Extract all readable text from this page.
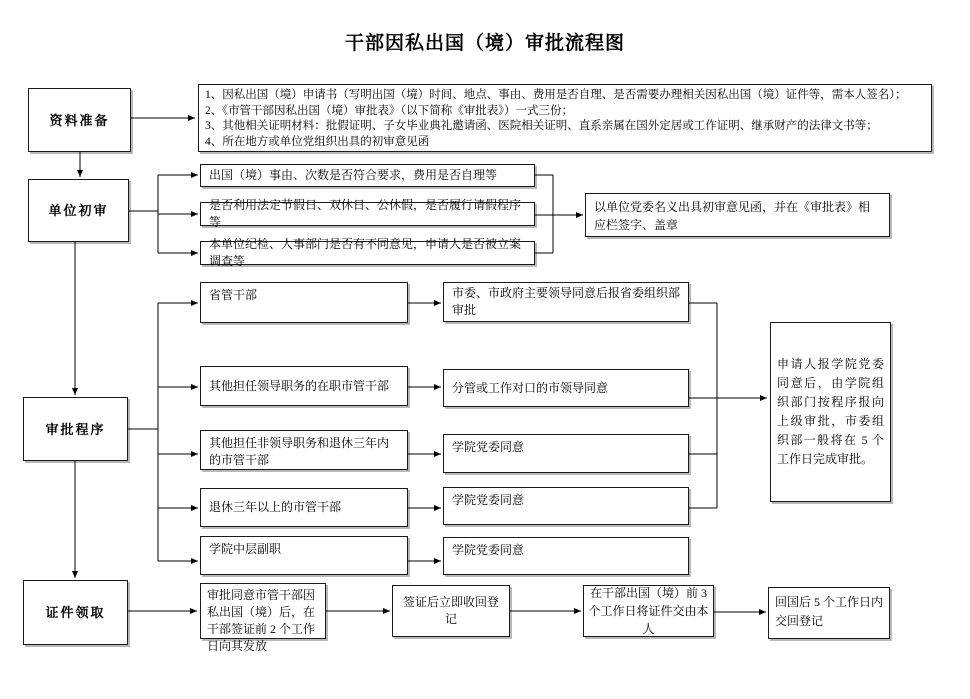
干部因私出国（境）审批流程图
资料准备
单位初审
审批程序
证件领取
1、因私出国（境）申请书（写明出国（境）时间、地点、事由、费用是否自理、是否需要办理相关因私出国（境）证件等，需本人签名）；
2、《市管干部因私出国（境）审批表》（以下简称《审批表》）一式三份；
3、其他相关证明材料：批假证明、子女毕业典礼邀请函、医院相关证明、直系亲属在国外定居或工作证明、继承财产的法律文书等；
4、所在地方或单位党组织出具的初审意见函
出国（境）事由、次数是否符合要求，费用是否自理等
是否利用法定节假日、双休日、公休假，是否履行请假程序等
本单位纪检、人事部门是否有不同意见，申请人是否被立案调查等
以单位党委名义出具初审意见函，并在《审批表》相应栏签字、盖章
省管干部
其他担任领导职务的在职市管干部
其他担任非领导职务和退休三年内的市管干部
退休三年以上的市管干部
学院中层副职
市委、市政府主要领导同意后报省委组织部审批
分管或工作对口的市领导同意
学院党委同意
学院党委同意
学院党委同意
申请人报学院党委同意后，由学院组织部门按程序报向上级审批，市委组织部一般将在 5 个工作日完成审批。
审批同意市管干部因私出国（境）后，在干部签证前 2 个工作日向其发放
签证后立即收回登记
在干部出国（境）前 3 个工作日将证件交由本人
回国后 5 个工作日内交回登记
